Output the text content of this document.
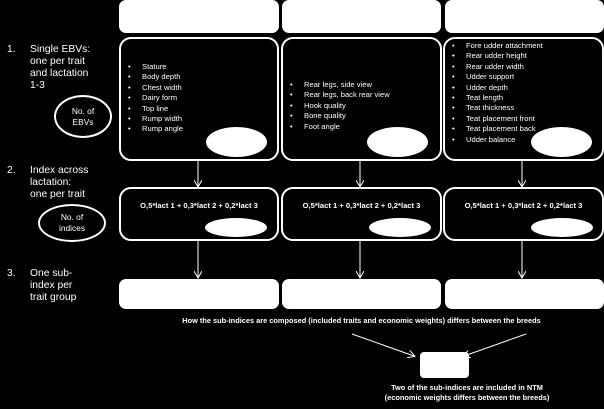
1. Single EBVs:
one per trait
and lactation
1-3
2. Index across
lactation:
one per trait
3. One sub-
index per
trait group
No. of
EBVs
No. of
indices
• Stature
• Body depth
• Chest width
• Dairy form
• Top line
• Rump width
• Rump angle
• Rear legs, side view
• Rear legs, back rear view
• Hook quality
• Bone quality
• Foot angle
• Fore udder attachment
• Rear udder height
• Rear udder width
• Udder support
• Udder depth
• Teat length
• Teat thickness
• Teat placement front
• Teat placement back
• Udder balance
O,5*lact 1 + 0,3*lact 2 + 0,2*lact 3	O,5*lact 1 + 0,3*lact 2 + 0,2*lact 3	O,5*lact 1 + 0,3*lact 2 + 0,2*lact 3
How the sub-indices are composed (included traits and economic weights) differs between the breeds
Two of the sub-indices are included in NTM
(economic weights differs between the breeds)
